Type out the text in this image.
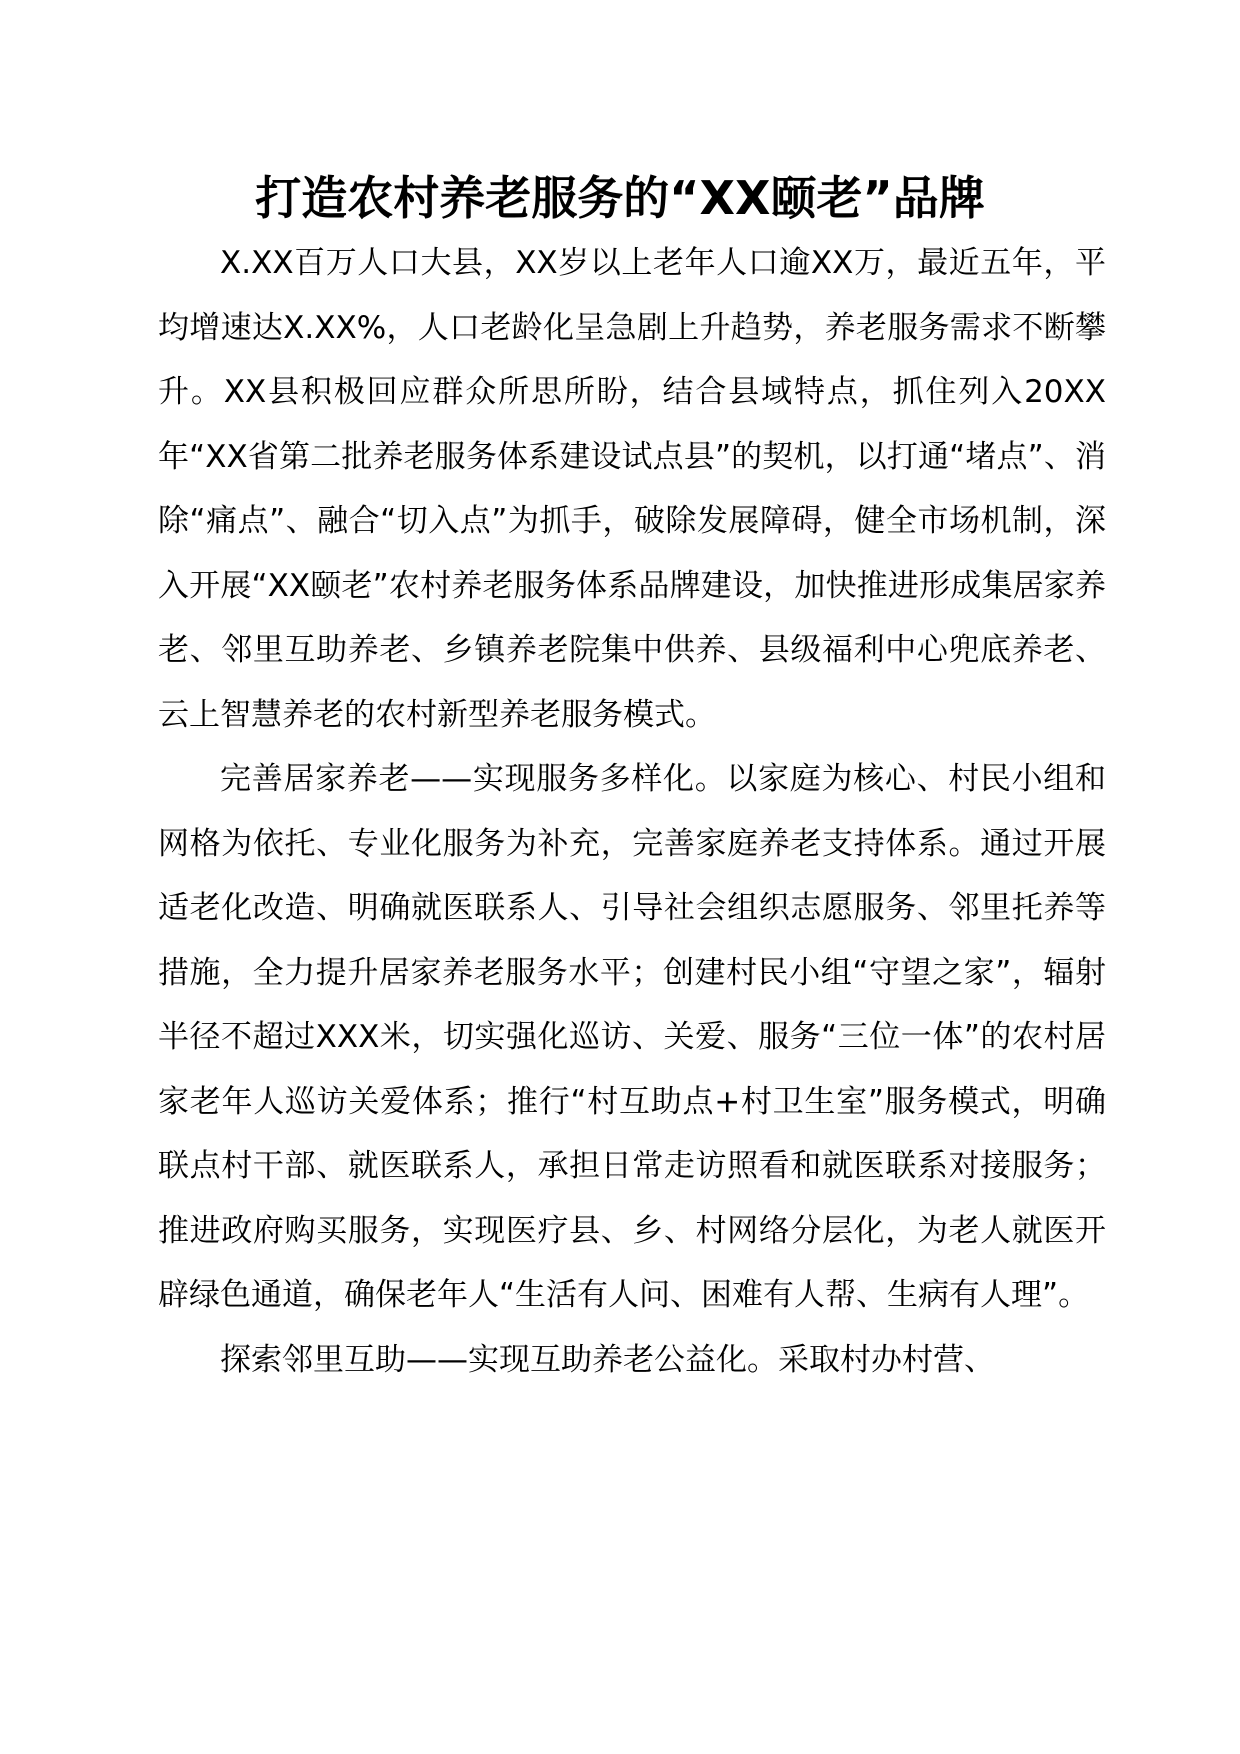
打造农村养老服务的“XX颐老”品牌

X.XX百万人口大县，XX岁以上老年人口逾XX万，最近五年，平均增速达X.XX%，人口老龄化呈急剧上升趋势，养老服务需求不断攀升。XX县积极回应群众所思所盼，结合县域特点，抓住列入20XX年“XX省第二批养老服务体系建设试点县”的契机，以打通“堵点”、消除“痛点”、融合“切入点”为抓手，破除发展障碍，健全市场机制，深入开展“XX颐老”农村养老服务体系品牌建设，加快推进形成集居家养老、邻里互助养老、乡镇养老院集中供养、县级福利中心兜底养老、云上智慧养老的农村新型养老服务模式。

完善居家养老——实现服务多样化。以家庭为核心、村民小组和网格为依托、专业化服务为补充，完善家庭养老支持体系。通过开展适老化改造、明确就医联系人、引导社会组织志愿服务、邻里托养等措施，全力提升居家养老服务水平；创建村民小组“守望之家”，辐射半径不超过XXX米，切实强化巡访、关爱、服务“三位一体”的农村居家老年人巡访关爱体系；推行“村互助点+村卫生室”服务模式，明确联点村干部、就医联系人，承担日常走访照看和就医联系对接服务；推进政府购买服务，实现医疗县、乡、村网络分层化，为老人就医开辟绿色通道，确保老年人“生活有人问、困难有人帮、生病有人理”。

探索邻里互助——实现互助养老公益化。采取村办村营、
